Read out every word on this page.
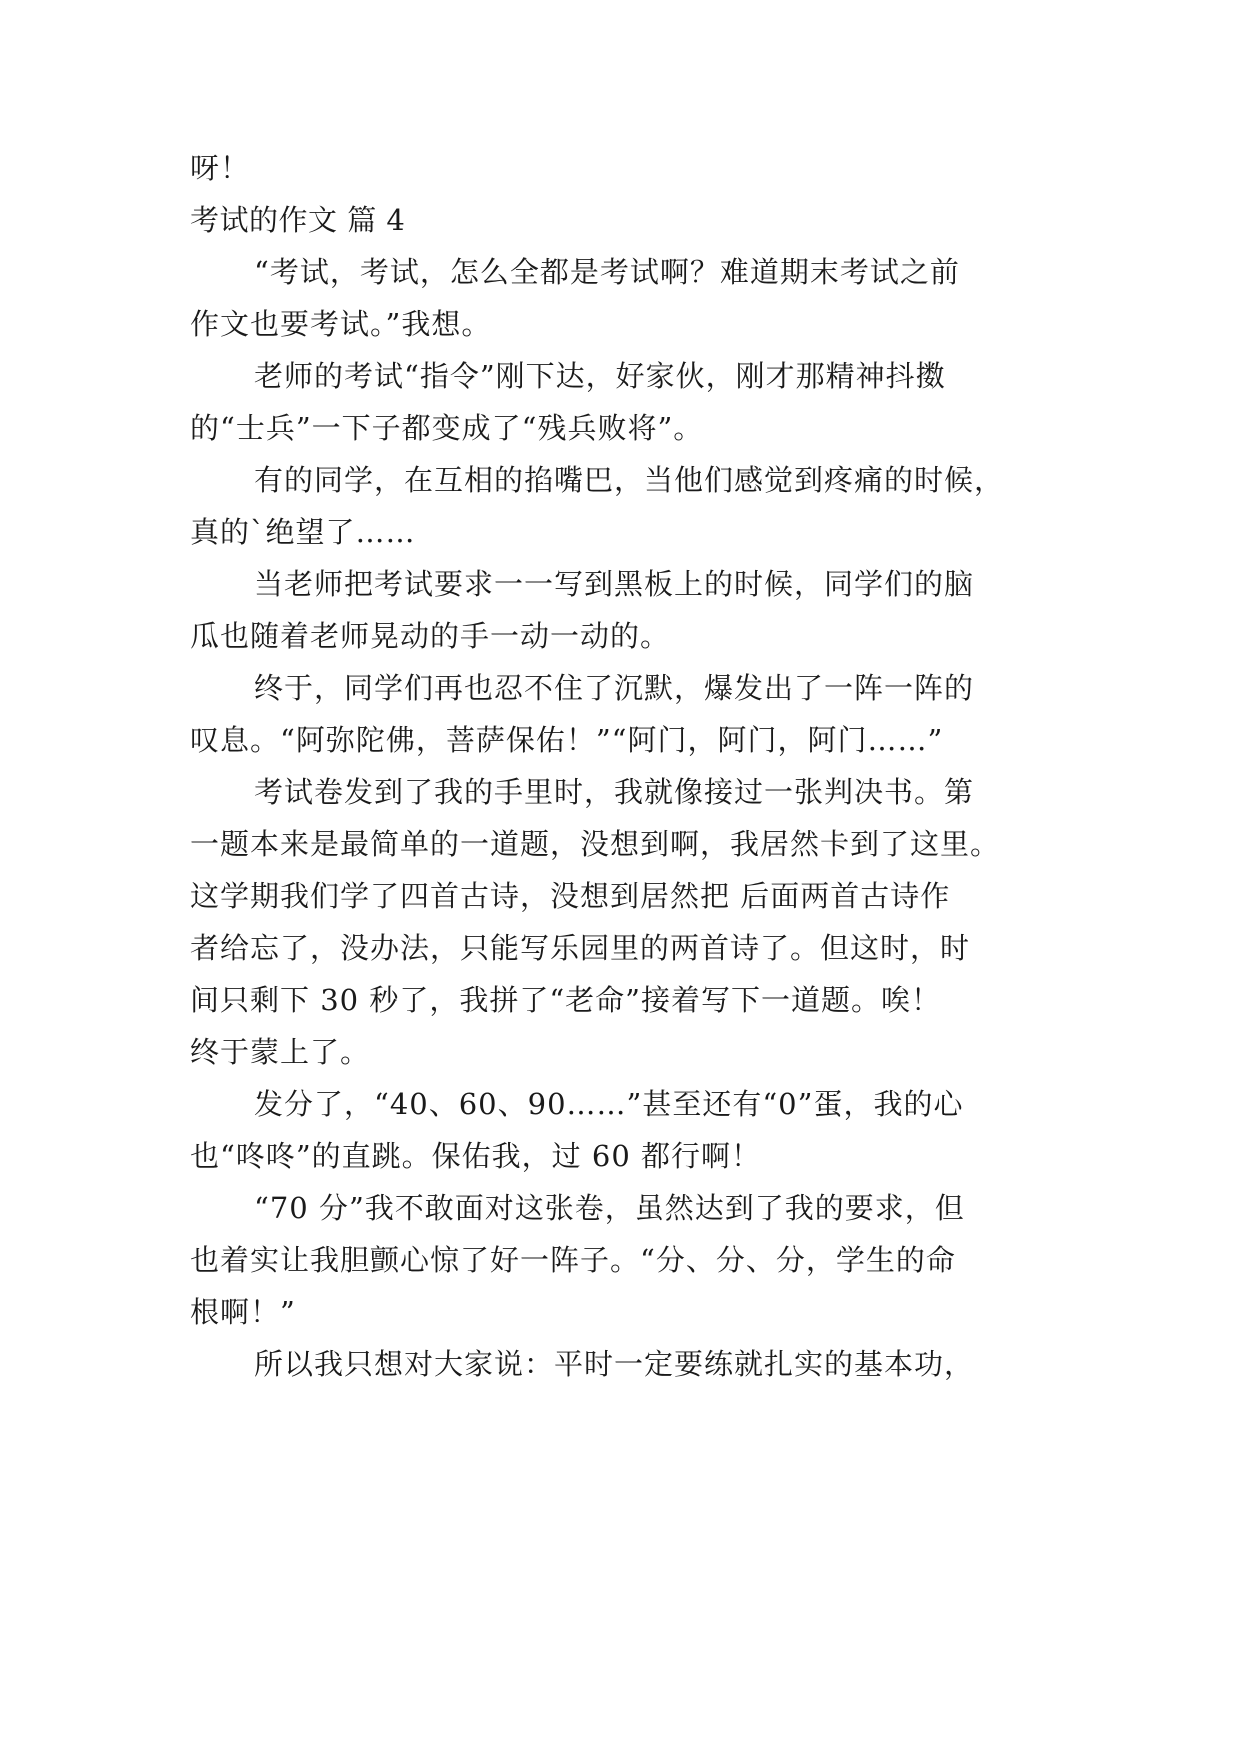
呀！
考试的作文 篇 4
“考试，考试，怎么全都是考试啊？难道期末考试之前
作文也要考试。”我想。
老师的考试“指令”刚下达，好家伙，刚才那精神抖擞
的“士兵”一下子都变成了“残兵败将”。
有的同学，在互相的掐嘴巴，当他们感觉到疼痛的时候，
真的`绝望了……
当老师把考试要求一一写到黑板上的时候，同学们的脑
瓜也随着老师晃动的手一动一动的。
终于，同学们再也忍不住了沉默，爆发出了一阵一阵的
叹息。“阿弥陀佛，菩萨保佑！”“阿门，阿门，阿门……”
考试卷发到了我的手里时，我就像接过一张判决书。第
一题本来是最简单的一道题，没想到啊，我居然卡到了这里。
这学期我们学了四首古诗，没想到居然把 后面两首古诗作
者给忘了，没办法，只能写乐园里的两首诗了。但这时，时
间只剩下 30 秒了，我拼了“老命”接着写下一道题。唉！
终于蒙上了。
发分了，“40、60、90……”甚至还有“0”蛋，我的心
也“咚咚”的直跳。保佑我，过 60 都行啊！
“70 分”我不敢面对这张卷，虽然达到了我的要求，但
也着实让我胆颤心惊了好一阵子。“分、分、分，学生的命
根啊！”
所以我只想对大家说：平时一定要练就扎实的基本功，
